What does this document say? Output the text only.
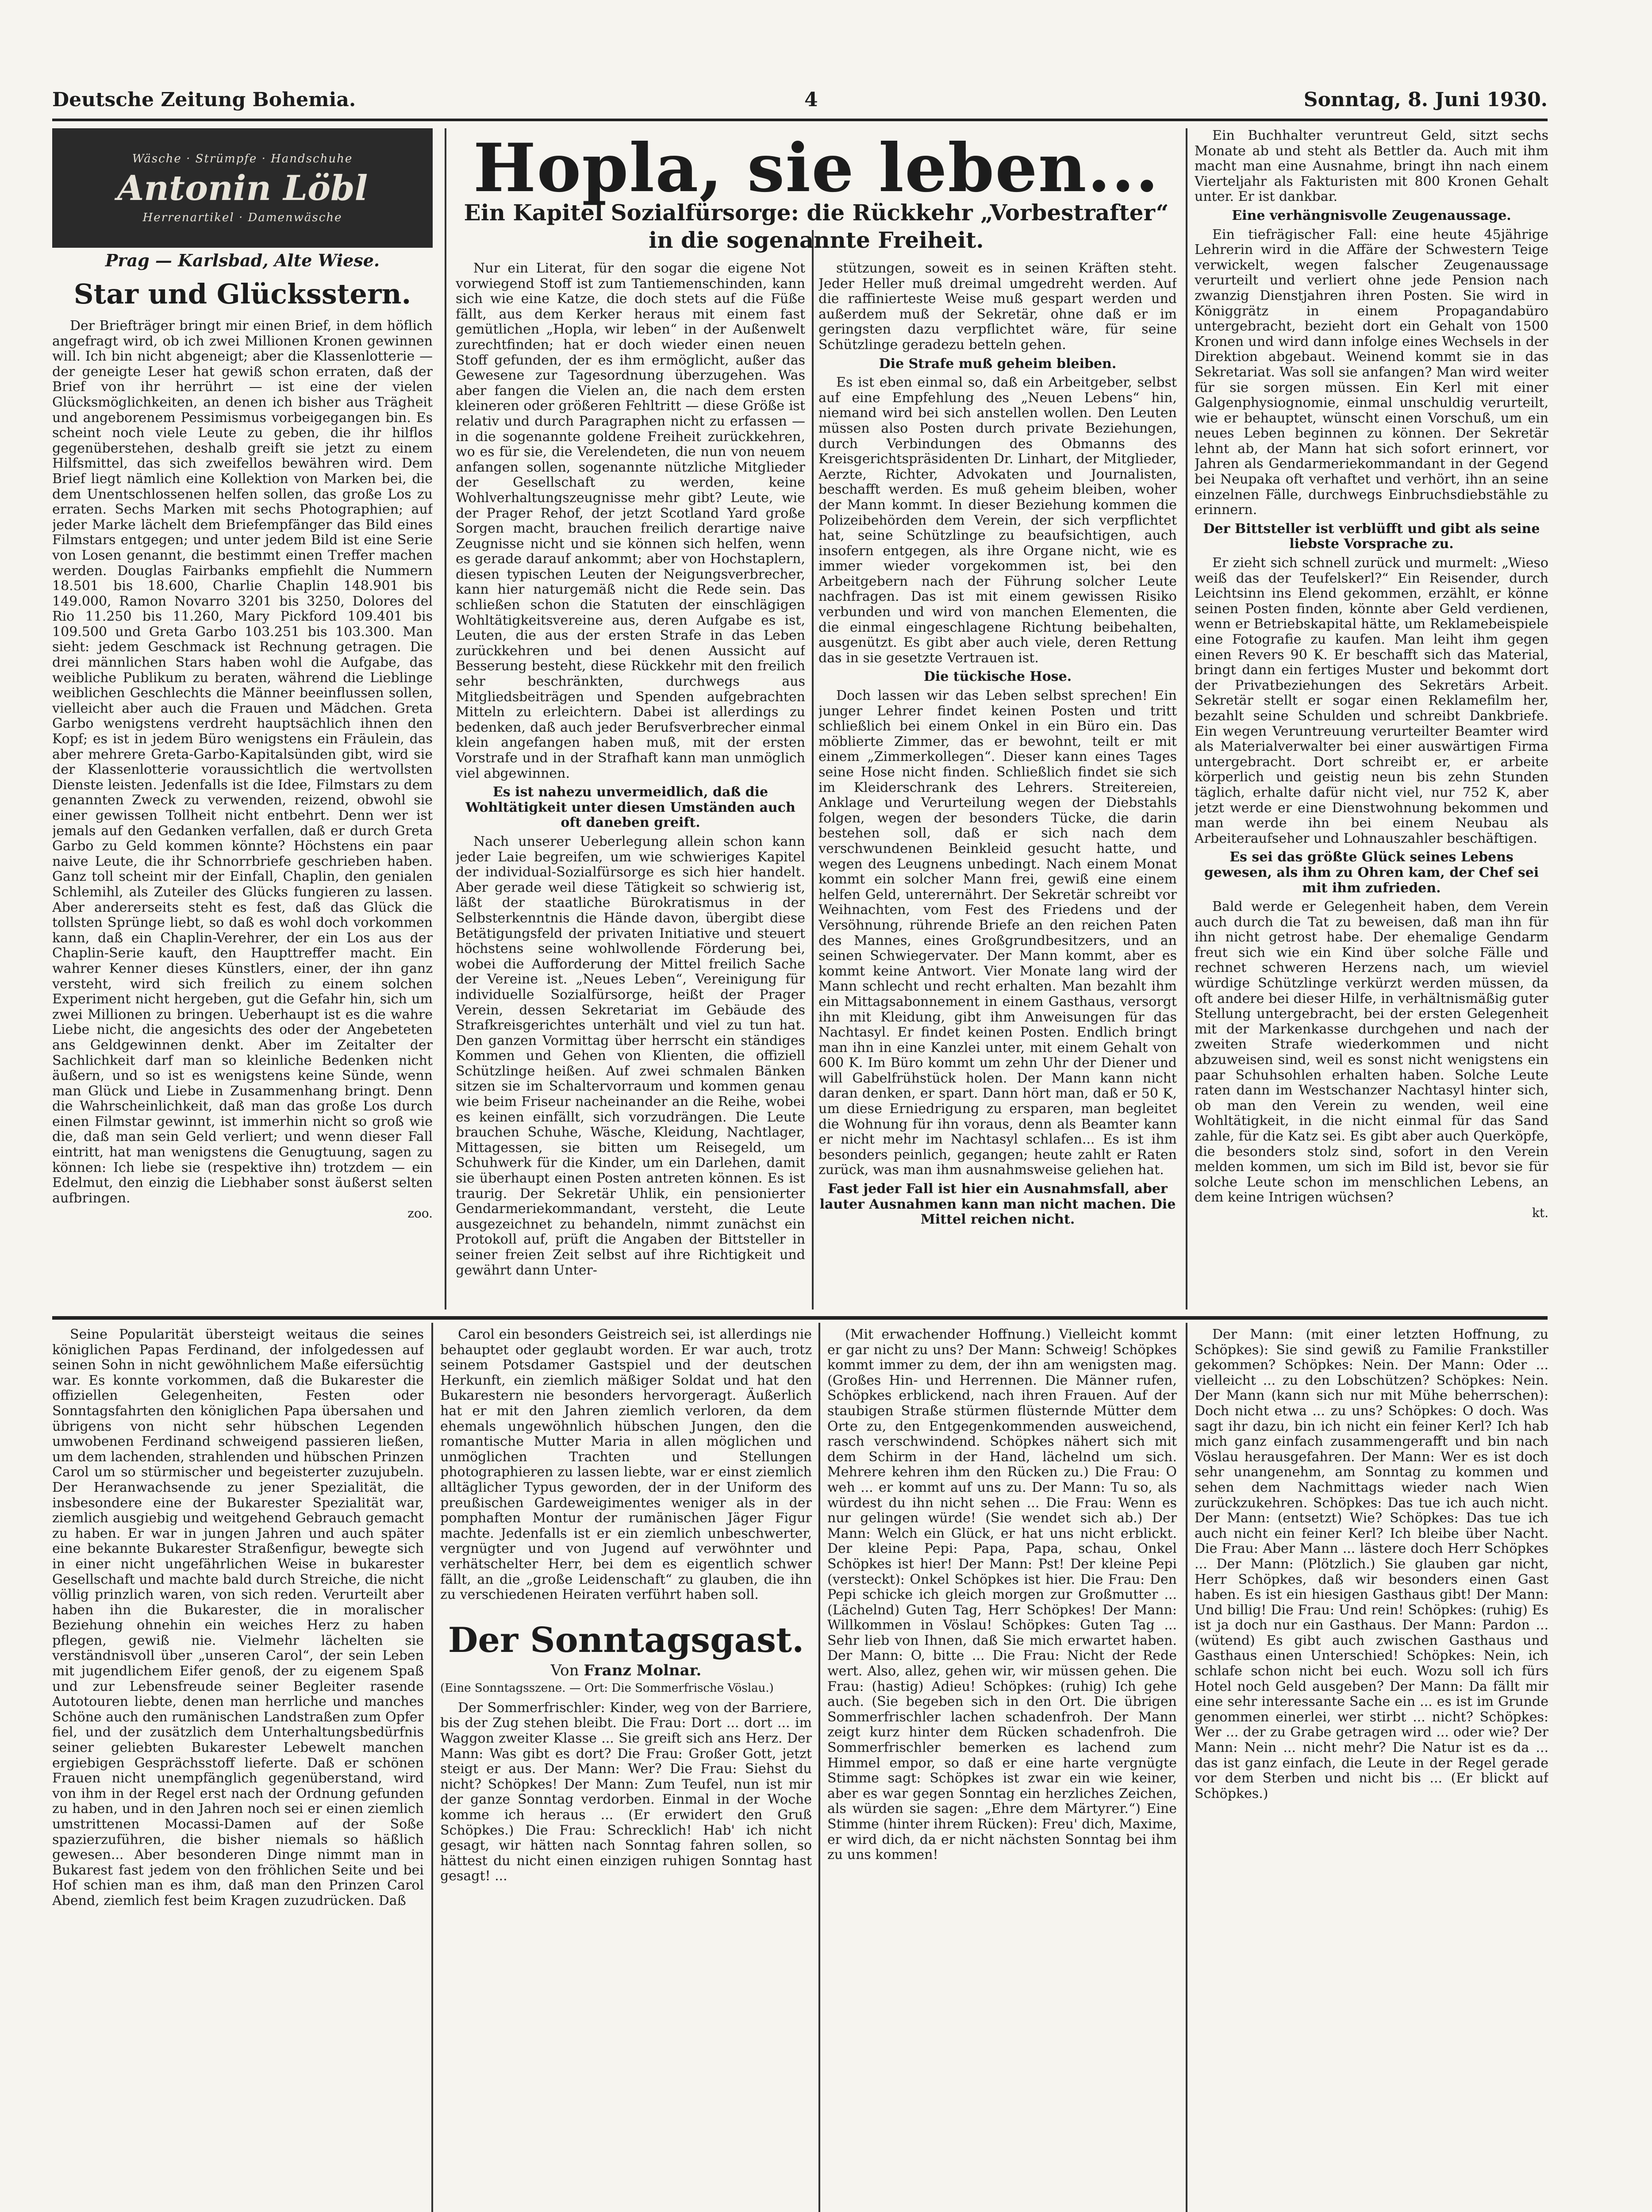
Deutsche Zeitung Bohemia.	4	Sonntag, 8. Juni 1930.
Wäsche · Strümpfe · Handschuhe
Antonin Löbl
Herrenartikel · Damenwäsche
Prag — Karlsbad, Alte Wiese.
Star und Glücksstern.

Der Briefträger bringt mir einen Brief, in dem höflich angefragt wird, ob ich zwei Millionen Kronen gewinnen will. Ich bin nicht abgeneigt; aber die Klassenlotterie — der geneigte Leser hat gewiß schon erraten, daß der Brief von ihr herrührt — ist eine der vielen Glücksmöglichkeiten, an denen ich bisher aus Trägheit und angeborenem Pessimismus vorbeigegangen bin. Es scheint noch viele Leute zu geben, die ihr hilflos gegenüberstehen, deshalb greift sie jetzt zu einem Hilfsmittel, das sich zweifellos bewähren wird. Dem Brief liegt nämlich eine Kollektion von Marken bei, die dem Unentschlossenen helfen sollen, das große Los zu erraten. Sechs Marken mit sechs Photographien; auf jeder Marke lächelt dem Briefempfänger das Bild eines Filmstars entgegen; und unter jedem Bild ist eine Serie von Losen genannt, die bestimmt einen Treffer machen werden. Douglas Fairbanks empfiehlt die Nummern 18.501 bis 18.600, Charlie Chaplin 148.901 bis 149.000, Ramon Novarro 3201 bis 3250, Dolores del Rio 11.250 bis 11.260, Mary Pickford 109.401 bis 109.500 und Greta Garbo 103.251 bis 103.300. Man sieht: jedem Geschmack ist Rechnung getragen. Die drei männlichen Stars haben wohl die Aufgabe, das weibliche Publikum zu beraten, während die Lieblinge weiblichen Geschlechts die Männer beeinflussen sollen, vielleicht aber auch die Frauen und Mädchen. Greta Garbo wenigstens verdreht hauptsächlich ihnen den Kopf; es ist in jedem Büro wenigstens ein Fräulein, das aber mehrere Greta-Garbo-Kapitalsünden gibt, wird sie der Klassenlotterie voraussichtlich die wertvollsten Dienste leisten. Jedenfalls ist die Idee, Filmstars zu dem genannten Zweck zu verwenden, reizend, obwohl sie einer gewissen Tollheit nicht entbehrt. Denn wer ist jemals auf den Gedanken verfallen, daß er durch Greta Garbo zu Geld kommen könnte? Höchstens ein paar naive Leute, die ihr Schnorrbriefe geschrieben haben. Ganz toll scheint mir der Einfall, Chaplin, den genialen Schlemihl, als Zuteiler des Glücks fungieren zu lassen. Aber andererseits steht es fest, daß das Glück die tollsten Sprünge liebt, so daß es wohl doch vorkommen kann, daß ein Chaplin-Verehrer, der ein Los aus der Chaplin-Serie kauft, den Haupttreffer macht. Ein wahrer Kenner dieses Künstlers, einer, der ihn ganz versteht, wird sich freilich zu einem solchen Experiment nicht hergeben, gut die Gefahr hin, sich um zwei Millionen zu bringen. Ueberhaupt ist es die wahre Liebe nicht, die angesichts des oder der Angebeteten ans Geldgewinnen denkt. Aber im Zeitalter der Sachlichkeit darf man so kleinliche Bedenken nicht äußern, und so ist es wenigstens keine Sünde, wenn man Glück und Liebe in Zusammenhang bringt. Denn die Wahrscheinlichkeit, daß man das große Los durch einen Filmstar gewinnt, ist immerhin nicht so groß wie die, daß man sein Geld verliert; und wenn dieser Fall eintritt, hat man wenigstens die Genugtuung, sagen zu können: Ich liebe sie (respektive ihn) trotzdem — ein Edelmut, den einzig die Liebhaber sonst äußerst selten aufbringen.

zoo.
Hopla, sie leben...
Ein Kapitel Sozialfürsorge: die Rückkehr „Vorbestrafter“ in die sogenannte Freiheit.

Nur ein Literat, für den sogar die eigene Not vorwiegend Stoff ist zum Tantiemenschinden, kann sich wie eine Katze, die doch stets auf die Füße fällt, aus dem Kerker heraus mit einem fast gemütlichen „Hopla, wir leben“ in der Außenwelt zurechtfinden; hat er doch wieder einen neuen Stoff gefunden, der es ihm ermöglicht, außer das Gewesene zur Tagesordnung überzugehen. Was aber fangen die Vielen an, die nach dem ersten kleineren oder größeren Fehltritt — diese Größe ist relativ und durch Paragraphen nicht zu erfassen — in die sogenannte goldene Freiheit zurückkehren, wo es für sie, die Verelendeten, die nun von neuem anfangen sollen, sogenannte nützliche Mitglieder der Gesellschaft zu werden, keine Wohlverhaltungszeugnisse mehr gibt? Leute, wie der Prager Rehof, der jetzt Scotland Yard große Sorgen macht, brauchen freilich derartige naive Zeugnisse nicht und sie können sich helfen, wenn es gerade darauf ankommt; aber von Hochstaplern, diesen typischen Leuten der Neigungsverbrecher, kann hier naturgemäß nicht die Rede sein. Das schließen schon die Statuten der einschlägigen Wohltätigkeitsvereine aus, deren Aufgabe es ist, Leuten, die aus der ersten Strafe in das Leben zurückkehren und bei denen Aussicht auf Besserung besteht, diese Rückkehr mit den freilich sehr beschränkten, durchwegs aus Mitgliedsbeiträgen und Spenden aufgebrachten Mitteln zu erleichtern. Dabei ist allerdings zu bedenken, daß auch jeder Berufsverbrecher einmal klein angefangen haben muß, mit der ersten Vorstrafe und in der Strafhaft kann man unmöglich viel abgewinnen.

Es ist nahezu unvermeidlich, daß die Wohltätigkeit unter diesen Umständen auch oft daneben greift.

Nach unserer Ueberlegung allein schon kann jeder Laie begreifen, um wie schwieriges Kapitel der individual-Sozialfürsorge es sich hier handelt. Aber gerade weil diese Tätigkeit so schwierig ist, läßt der staatliche Bürokratismus in der Selbsterkenntnis die Hände davon, übergibt diese Betätigungsfeld der privaten Initiative und steuert höchstens seine wohlwollende Förderung bei, wobei die Aufforderung der Mittel freilich Sache der Vereine ist. „Neues Leben“, Vereinigung für individuelle Sozialfürsorge, heißt der Prager Verein, dessen Sekretariat im Gebäude des Strafkreisgerichtes unterhält und viel zu tun hat. Den ganzen Vormittag über herrscht ein ständiges Kommen und Gehen von Klienten, die offiziell Schützlinge heißen. Auf zwei schmalen Bänken sitzen sie im Schaltervorraum und kommen genau wie beim Friseur nacheinander an die Reihe, wobei es keinen einfällt, sich vorzudrängen. Die Leute brauchen Schuhe, Wäsche, Kleidung, Nachtlager, Mittagessen, sie bitten um Reisegeld, um Schuhwerk für die Kinder, um ein Darlehen, damit sie überhaupt einen Posten antreten können. Es ist traurig. Der Sekretär Uhlik, ein pensionierter Gendarmeriekommandant, versteht, die Leute ausgezeichnet zu behandeln, nimmt zunächst ein Protokoll auf, prüft die Angaben der Bittsteller in seiner freien Zeit selbst auf ihre Richtigkeit und gewährt dann Unter-

stützungen, soweit es in seinen Kräften steht. Jeder Heller muß dreimal umgedreht werden. Auf die raffinierteste Weise muß gespart werden und außerdem muß der Sekretär, ohne daß er im geringsten dazu verpflichtet wäre, für seine Schützlinge geradezu betteln gehen.

Die Strafe muß geheim bleiben.

Es ist eben einmal so, daß ein Arbeitgeber, selbst auf eine Empfehlung des „Neuen Lebens“ hin, niemand wird bei sich anstellen wollen. Den Leuten müssen also Posten durch private Beziehungen, durch Verbindungen des Obmanns des Kreisgerichtspräsidenten Dr. Linhart, der Mitglieder, Aerzte, Richter, Advokaten und Journalisten, beschafft werden. Es muß geheim bleiben, woher der Mann kommt. In dieser Beziehung kommen die Polizeibehörden dem Verein, der sich verpflichtet hat, seine Schützlinge zu beaufsichtigen, auch insofern entgegen, als ihre Organe nicht, wie es immer wieder vorgekommen ist, bei den Arbeitgebern nach der Führung solcher Leute nachfragen. Das ist mit einem gewissen Risiko verbunden und wird von manchen Elementen, die die einmal eingeschlagene Richtung beibehalten, ausgenützt. Es gibt aber auch viele, deren Rettung das in sie gesetzte Vertrauen ist.

Die tückische Hose.

Doch lassen wir das Leben selbst sprechen! Ein junger Lehrer findet keinen Posten und tritt schließlich bei einem Onkel in ein Büro ein. Das möblierte Zimmer, das er bewohnt, teilt er mit einem „Zimmerkollegen“. Dieser kann eines Tages seine Hose nicht finden. Schließlich findet sie sich im Kleiderschrank des Lehrers. Streitereien, Anklage und Verurteilung wegen der Diebstahls folgen, wegen der besonders Tücke, die darin bestehen soll, daß er sich nach dem verschwundenen Beinkleid gesucht hatte, und wegen des Leugnens unbedingt. Nach einem Monat kommt ein solcher Mann frei, gewiß eine einem helfen Geld, unterernährt. Der Sekretär schreibt vor Weihnachten, vom Fest des Friedens und der Versöhnung, rührende Briefe an den reichen Paten des Mannes, eines Großgrundbesitzers, und an seinen Schwiegervater. Der Mann kommt, aber es kommt keine Antwort. Vier Monate lang wird der Mann schlecht und recht erhalten. Man bezahlt ihm ein Mittagsabonnement in einem Gasthaus, versorgt ihn mit Kleidung, gibt ihm Anweisungen für das Nachtasyl. Er findet keinen Posten. Endlich bringt man ihn in eine Kanzlei unter, mit einem Gehalt von 600 K. Im Büro kommt um zehn Uhr der Diener und will Gabelfrühstück holen. Der Mann kann nicht daran denken, er spart. Dann hört man, daß er 50 K, um diese Erniedrigung zu ersparen, man begleitet die Wohnung für ihn voraus, denn als Beamter kann er nicht mehr im Nachtasyl schlafen... Es ist ihm besonders peinlich, gegangen; heute zahlt er Raten zurück, was man ihm ausnahmsweise geliehen hat.

Fast jeder Fall ist hier ein Ausnahmsfall, aber lauter Ausnahmen kann man nicht machen. Die Mittel reichen nicht.

Ein Buchhalter veruntreut Geld, sitzt sechs Monate ab und steht als Bettler da. Auch mit ihm macht man eine Ausnahme, bringt ihn nach einem Vierteljahr als Fakturisten mit 800 Kronen Gehalt unter. Er ist dankbar.

Eine verhängnisvolle Zeugenaussage.

Ein tiefrägischer Fall: eine heute 45jährige Lehrerin wird in die Affäre der Schwestern Teige verwickelt, wegen falscher Zeugenaussage verurteilt und verliert ohne jede Pension nach zwanzig Dienstjahren ihren Posten. Sie wird in Königgrätz in einem Propagandabüro untergebracht, bezieht dort ein Gehalt von 1500 Kronen und wird dann infolge eines Wechsels in der Direktion abgebaut. Weinend kommt sie in das Sekretariat. Was soll sie anfangen? Man wird weiter für sie sorgen müssen. Ein Kerl mit einer Galgenphysiognomie, einmal unschuldig verurteilt, wie er behauptet, wünscht einen Vorschuß, um ein neues Leben beginnen zu können. Der Sekretär lehnt ab, der Mann hat sich sofort erinnert, vor Jahren als Gendarmeriekommandant in der Gegend bei Neupaka oft verhaftet und verhört, ihn an seine einzelnen Fälle, durchwegs Einbruchsdiebstähle zu erinnern.

Der Bittsteller ist verblüfft und gibt als seine liebste Vorsprache zu.

Er zieht sich schnell zurück und murmelt: „Wieso weiß das der Teufelskerl?“ Ein Reisender, durch Leichtsinn ins Elend gekommen, erzählt, er könne seinen Posten finden, könnte aber Geld verdienen, wenn er Betriebskapital hätte, um Reklamebeispiele eine Fotografie zu kaufen. Man leiht ihm gegen einen Revers 90 K. Er beschafft sich das Material, bringt dann ein fertiges Muster und bekommt dort der Privatbeziehungen des Sekretärs Arbeit. Sekretär stellt er sogar einen Reklamefilm her, bezahlt seine Schulden und schreibt Dankbriefe. Ein wegen Veruntreuung verurteilter Beamter wird als Materialverwalter bei einer auswärtigen Firma untergebracht. Dort schreibt er, er arbeite körperlich und geistig neun bis zehn Stunden täglich, erhalte dafür nicht viel, nur 752 K, aber jetzt werde er eine Dienstwohnung bekommen und man werde ihn bei einem Neubau als Arbeiteraufseher und Lohnauszahler beschäftigen.

Es sei das größte Glück seines Lebens gewesen, als ihm zu Ohren kam, der Chef sei mit ihm zufrieden.

Bald werde er Gelegenheit haben, dem Verein auch durch die Tat zu beweisen, daß man ihn für ihn nicht getrost habe. Der ehemalige Gendarm freut sich wie ein Kind über solche Fälle und rechnet schweren Herzens nach, um wieviel würdige Schützlinge verkürzt werden müssen, da oft andere bei dieser Hilfe, in verhältnismäßig guter Stellung untergebracht, bei der ersten Gelegenheit mit der Markenkasse durchgehen und nach der zweiten Strafe wiederkommen und nicht abzuweisen sind, weil es sonst nicht wenigstens ein paar Schuhsohlen erhalten haben. Solche Leute raten dann im Westschanzer Nachtasyl hinter sich, ob man den Verein zu wenden, weil eine Wohltätigkeit, in die nicht einmal für das Sand zahle, für die Katz sei. Es gibt aber auch Querköpfe, die besonders stolz sind, sofort in den Verein melden kommen, um sich im Bild ist, bevor sie für solche Leute schon im menschlichen Lebens, an dem keine Intrigen wüchsen?

kt.

Seine Popularität übersteigt weitaus die seines königlichen Papas Ferdinand, der infolgedessen auf seinen Sohn in nicht gewöhnlichem Maße eifersüchtig war. Es konnte vorkommen, daß die Bukarester die offiziellen Gelegenheiten, Festen oder Sonntagsfahrten den königlichen Papa übersahen und übrigens von nicht sehr hübschen Legenden umwobenen Ferdinand schweigend passieren ließen, um dem lachenden, strahlenden und hübschen Prinzen Carol um so stürmischer und begeisterter zuzujubeln. Der Heranwachsende zu jener Spezialität, die insbesondere eine der Bukarester Spezialität war, ziemlich ausgiebig und weitgehend Gebrauch gemacht zu haben. Er war in jungen Jahren und auch später eine bekannte Bukarester Straßenfigur, bewegte sich in einer nicht ungefährlichen Weise in bukarester Gesellschaft und machte bald durch Streiche, die nicht völlig prinzlich waren, von sich reden. Verurteilt aber haben ihn die Bukarester, die in moralischer Beziehung ohnehin ein weiches Herz zu haben pflegen, gewiß nie. Vielmehr lächelten sie verständnisvoll über „unseren Carol“, der sein Leben mit jugendlichem Eifer genoß, der zu eigenem Spaß und zur Lebensfreude seiner Begleiter rasende Autotouren liebte, denen man herrliche und manches Schöne auch den rumänischen Landstraßen zum Opfer fiel, und der zusätzlich dem Unterhaltungsbedürfnis seiner geliebten Bukarester Lebewelt manchen ergiebigen Gesprächsstoff lieferte. Daß er schönen Frauen nicht unempfänglich gegenüberstand, wird von ihm in der Regel erst nach der Ordnung gefunden zu haben, und in den Jahren noch sei er einen ziemlich umstrittenen Mocassi-Damen auf der Soße spazierzuführen, die bisher niemals so häßlich gewesen... Aber besonderen Dinge nimmt man in Bukarest fast jedem von den fröhlichen Seite und bei Hof schien man es ihm, daß man den Prinzen Carol Abend, ziemlich fest beim Kragen zuzudrücken. Daß

Carol ein besonders Geistreich sei, ist allerdings nie behauptet oder geglaubt worden. Er war auch, trotz seinem Potsdamer Gastspiel und der deutschen Herkunft, ein ziemlich mäßiger Soldat und hat den Bukarestern nie besonders hervorgeragt. Äußerlich hat er mit den Jahren ziemlich verloren, da dem ehemals ungewöhnlich hübschen Jungen, den die romantische Mutter Maria in allen möglichen und unmöglichen Trachten und Stellungen photographieren zu lassen liebte, war er einst ziemlich alltäglicher Typus geworden, der in der Uniform des preußischen Gardeweigimentes weniger als in der pomphaften Montur der rumänischen Jäger Figur machte. Jedenfalls ist er ein ziemlich unbeschwerter, vergnügter und von Jugend auf verwöhnter und verhätschelter Herr, bei dem es eigentlich schwer fällt, an die „große Leidenschaft“ zu glauben, die ihn zu verschiedenen Heiraten verführt haben soll.

Der Sonntagsgast.
Von Franz Molnar.
(Eine Sonntagsszene. — Ort: Die Sommerfrische Vöslau.)

Der Sommerfrischler: Kinder, weg von der Barriere, bis der Zug stehen bleibt. Die Frau: Dort ... dort ... im Waggon zweiter Klasse ... Sie greift sich ans Herz. Der Mann: Was gibt es dort? Die Frau: Großer Gott, jetzt steigt er aus. Der Mann: Wer? Die Frau: Siehst du nicht? Schöpkes! Der Mann: Zum Teufel, nun ist mir der ganze Sonntag verdorben. Einmal in der Woche komme ich heraus ... (Er erwidert den Gruß Schöpkes.) Die Frau: Schrecklich! Hab' ich nicht gesagt, wir hätten nach Sonntag fahren sollen, so hättest du nicht einen einzigen ruhigen Sonntag hast gesagt! ...

(Mit erwachender Hoffnung.) Vielleicht kommt er gar nicht zu uns? Der Mann: Schweig! Schöpkes kommt immer zu dem, der ihn am wenigsten mag. (Großes Hin- und Herrennen. Die Männer rufen, Schöpkes erblickend, nach ihren Frauen. Auf der staubigen Straße stürmen flüsternde Mütter dem Orte zu, den Entgegenkommenden ausweichend, rasch verschwindend. Schöpkes nähert sich mit dem Schirm in der Hand, lächelnd um sich. Mehrere kehren ihm den Rücken zu.) Die Frau: O weh ... er kommt auf uns zu. Der Mann: Tu so, als würdest du ihn nicht sehen ... Die Frau: Wenn es nur gelingen würde! (Sie wendet sich ab.) Der Mann: Welch ein Glück, er hat uns nicht erblickt. Der kleine Pepi: Papa, Papa, schau, Onkel Schöpkes ist hier! Der Mann: Pst! Der kleine Pepi (versteckt): Onkel Schöpkes ist hier. Die Frau: Den Pepi schicke ich gleich morgen zur Großmutter ... (Lächelnd) Guten Tag, Herr Schöpkes! Der Mann: Willkommen in Vöslau! Schöpkes: Guten Tag ... Sehr lieb von Ihnen, daß Sie mich erwartet haben. Der Mann: O, bitte ... Die Frau: Nicht der Rede wert. Also, allez, gehen wir, wir müssen gehen. Die Frau: (hastig) Adieu! Schöpkes: (ruhig) Ich gehe auch. (Sie begeben sich in den Ort. Die übrigen Sommerfrischler lachen schadenfroh. Der Mann zeigt kurz hinter dem Rücken schadenfroh. Die Sommerfrischler bemerken es lachend zum Himmel empor, so daß er eine harte vergnügte Stimme sagt: Schöpkes ist zwar ein wie keiner, aber es war gegen Sonntag ein herzliches Zeichen, als würden sie sagen: „Ehre dem Märtyrer.“) Eine Stimme (hinter ihrem Rücken): Freu' dich, Maxime, er wird dich, da er nicht nächsten Sonntag bei ihm zu uns kommen!

Der Mann: (mit einer letzten Hoffnung, zu Schöpkes): Sie sind gewiß zu Familie Frankstiller gekommen? Schöpkes: Nein. Der Mann: Oder ... vielleicht ... zu den Lobschützen? Schöpkes: Nein. Der Mann (kann sich nur mit Mühe beherrschen): Doch nicht etwa ... zu uns? Schöpkes: O doch. Was sagt ihr dazu, bin ich nicht ein feiner Kerl? Ich hab mich ganz einfach zusammengerafft und bin nach Vöslau herausgefahren. Der Mann: Wer es ist doch sehr unangenehm, am Sonntag zu kommen und sehen dem Nachmittags wieder nach Wien zurückzukehren. Schöpkes: Das tue ich auch nicht. Der Mann: (entsetzt) Wie? Schöpkes: Das tue ich auch nicht ein feiner Kerl? Ich bleibe über Nacht. Die Frau: Aber Mann ... lästere doch Herr Schöpkes ... Der Mann: (Plötzlich.) Sie glauben gar nicht, Herr Schöpkes, daß wir besonders einen Gast haben. Es ist ein hiesigen Gasthaus gibt! Der Mann: Und billig! Die Frau: Und rein! Schöpkes: (ruhig) Es ist ja doch nur ein Gasthaus. Der Mann: Pardon ... (wütend) Es gibt auch zwischen Gasthaus und Gasthaus einen Unterschied! Schöpkes: Nein, ich schlafe schon nicht bei euch. Wozu soll ich fürs Hotel noch Geld ausgeben? Der Mann: Da fällt mir eine sehr interessante Sache ein ... es ist im Grunde genommen einerlei, wer stirbt ... nicht? Schöpkes: Wer ... der zu Grabe getragen wird ... oder wie? Der Mann: Nein ... nicht mehr? Die Natur ist es da ... das ist ganz einfach, die Leute in der Regel gerade vor dem Sterben und nicht bis ... (Er blickt auf Schöpkes.)
